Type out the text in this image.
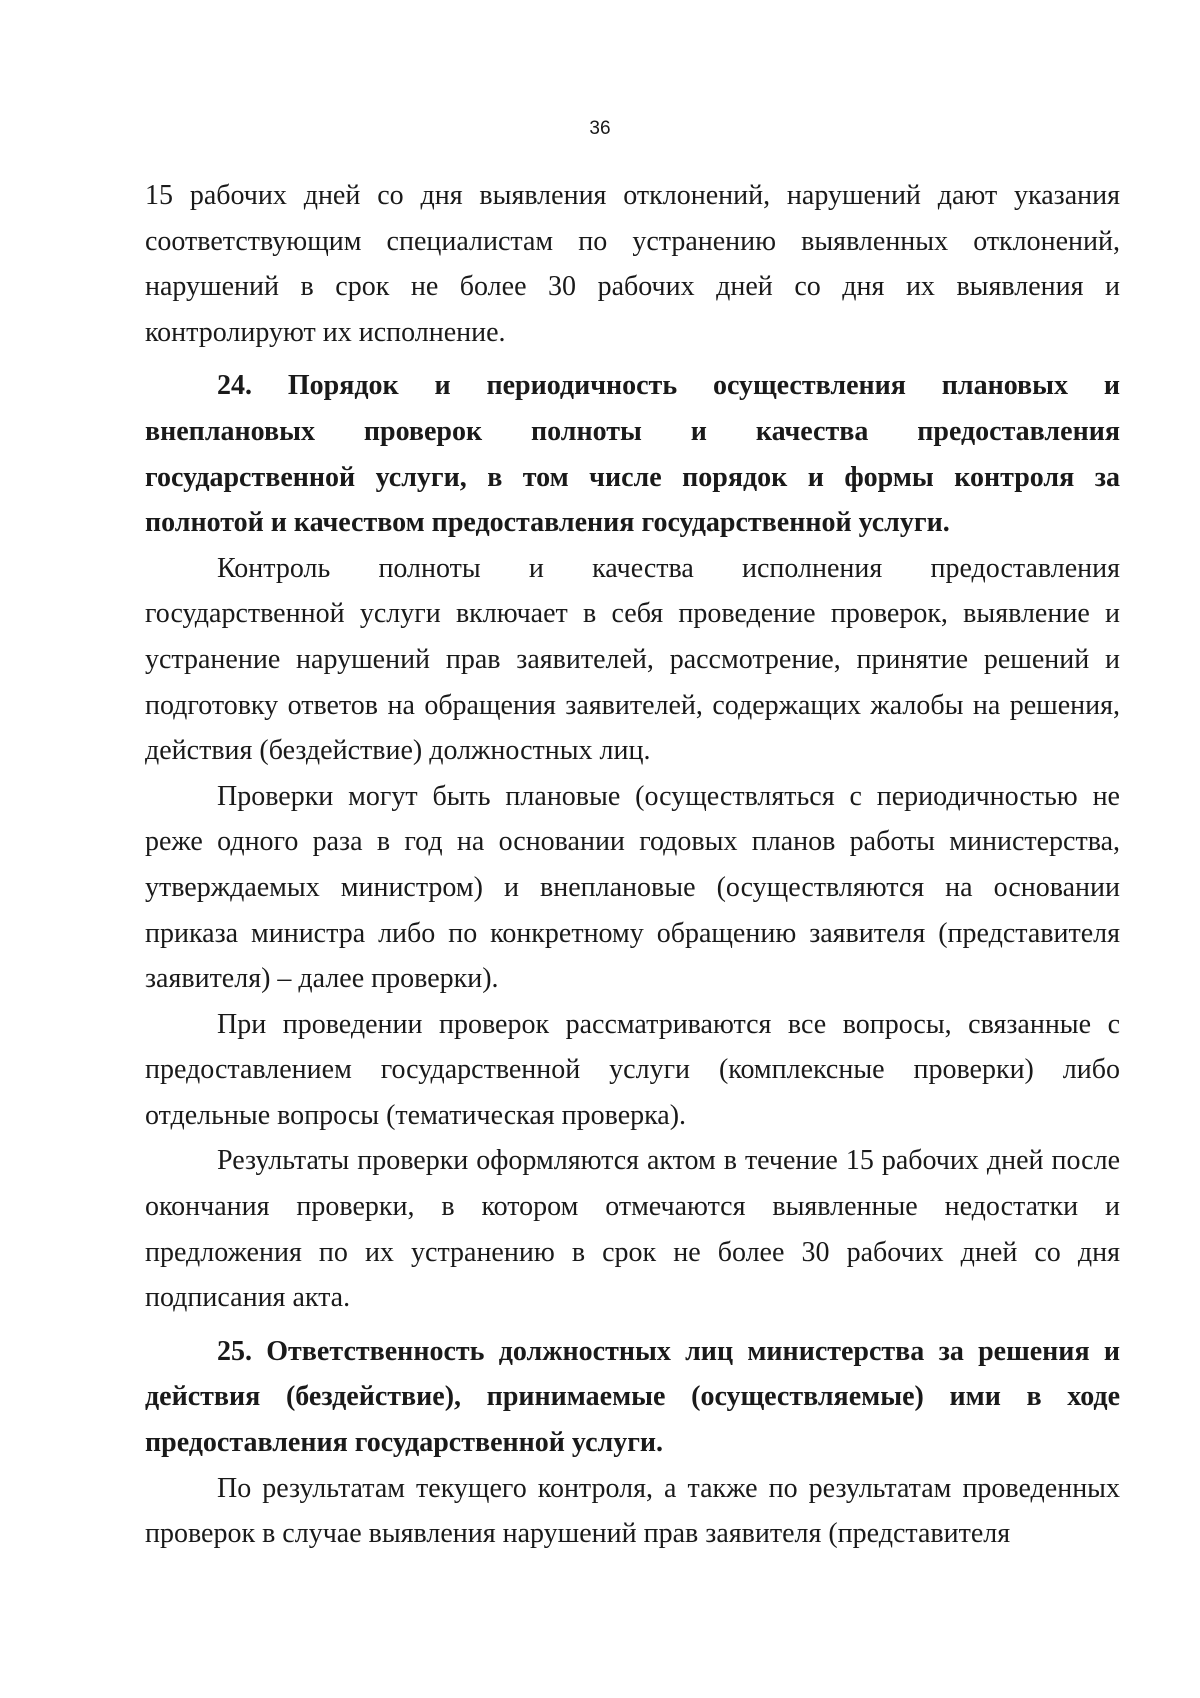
36

15 рабочих дней со дня выявления отклонений, нарушений дают указания соответствующим специалистам по устранению выявленных отклонений, нарушений в срок не более 30 рабочих дней со дня их выявления и контролируют их исполнение.

24. Порядок и периодичность осуществления плановых и внеплановых проверок полноты и качества предоставления государственной услуги, в том числе порядок и формы контроля за полнотой и качеством предоставления государственной услуги.

Контроль полноты и качества исполнения предоставления государственной услуги включает в себя проведение проверок, выявление и устранение нарушений прав заявителей, рассмотрение, принятие решений и подготовку ответов на обращения заявителей, содержащих жалобы на решения, действия (бездействие) должностных лиц.

Проверки могут быть плановые (осуществляться с периодичностью не реже одного раза в год на основании годовых планов работы министерства, утверждаемых министром) и внеплановые (осуществляются на основании приказа министра либо по конкретному обращению заявителя (представителя заявителя) – далее проверки).

При проведении проверок рассматриваются все вопросы, связанные с предоставлением государственной услуги (комплексные проверки) либо отдельные вопросы (тематическая проверка).

Результаты проверки оформляются актом в течение 15 рабочих дней после окончания проверки, в котором отмечаются выявленные недостатки и предложения по их устранению в срок не более 30 рабочих дней со дня подписания акта.

25. Ответственность должностных лиц министерства за решения и действия (бездействие), принимаемые (осуществляемые) ими в ходе предоставления государственной услуги.

По результатам текущего контроля, а также по результатам проведенных проверок в случае выявления нарушений прав заявителя (представителя
